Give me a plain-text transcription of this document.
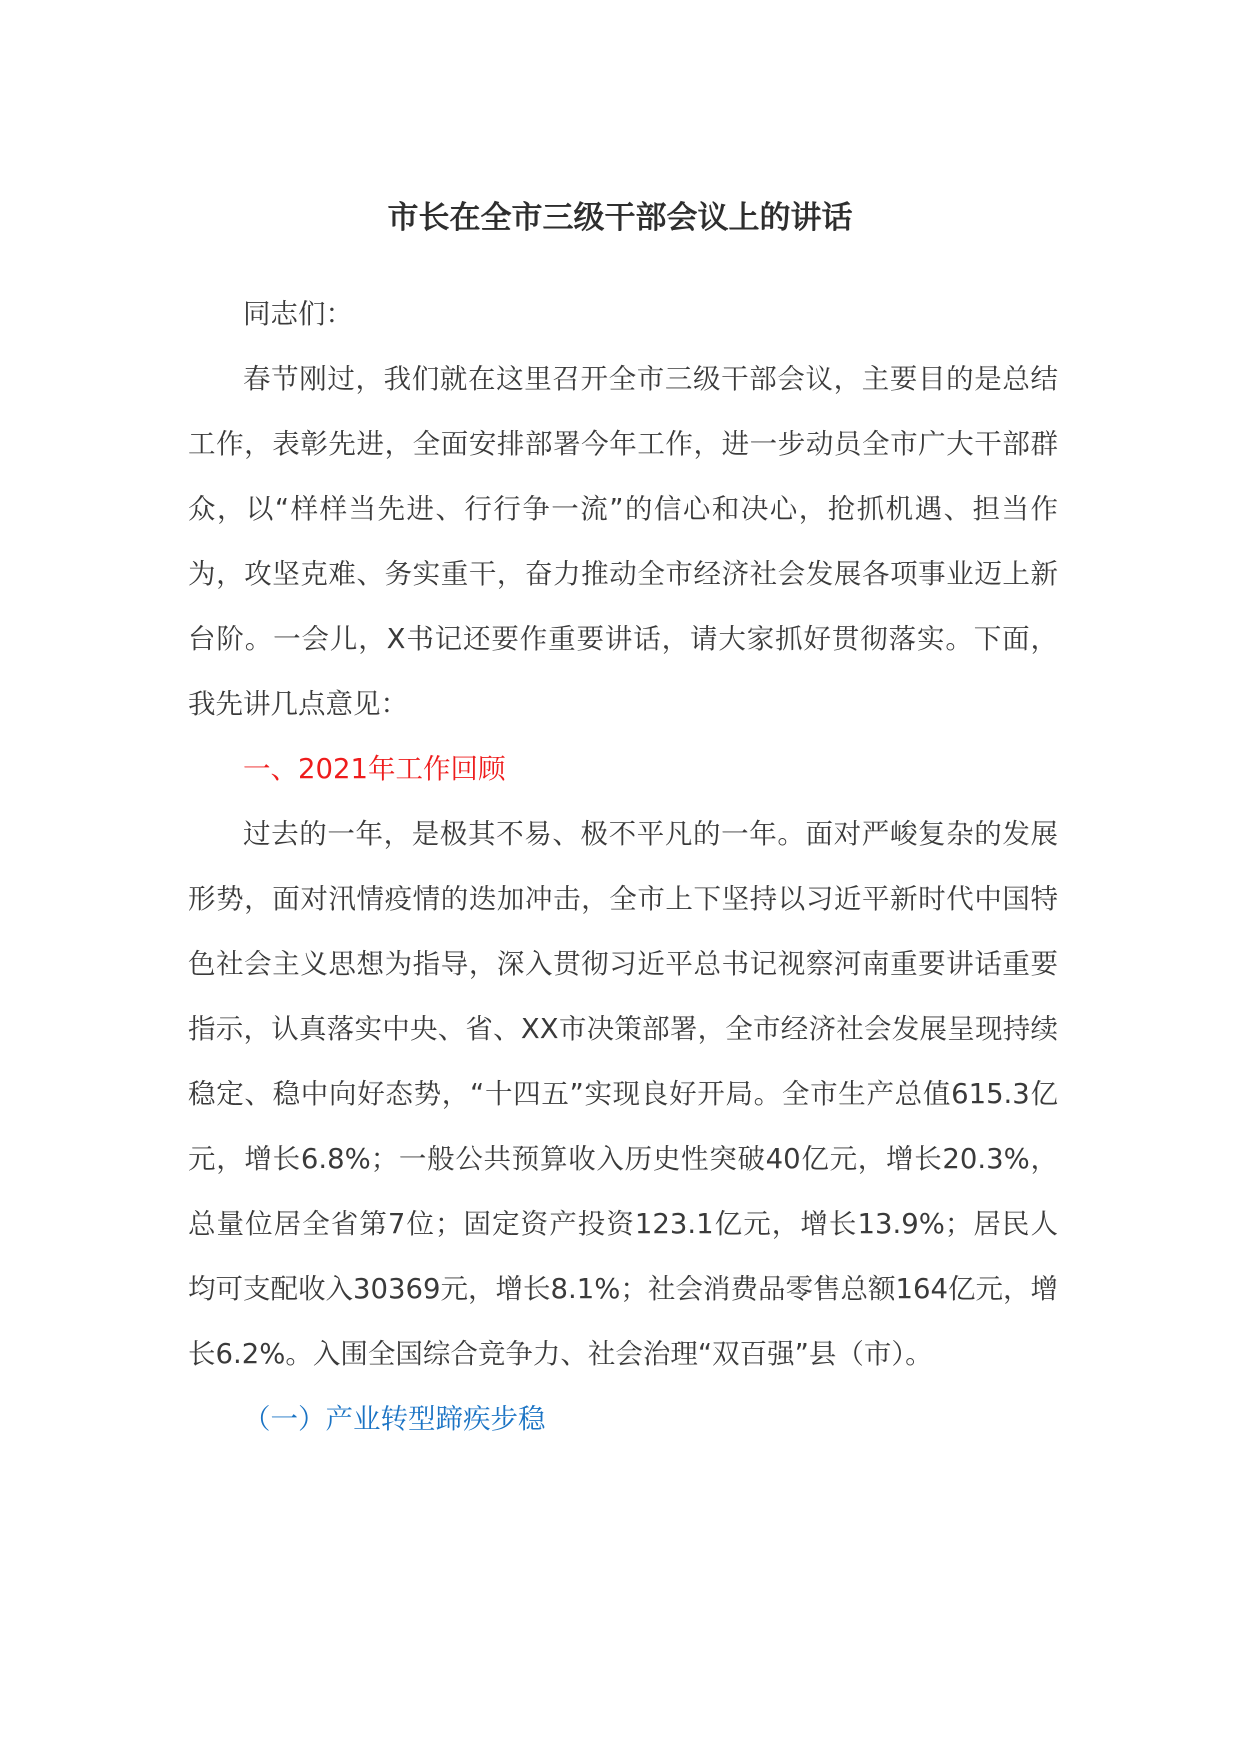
市长在全市三级干部会议上的讲话

同志们：

春节刚过，我们就在这里召开全市三级干部会议，主要目的是总结工作，表彰先进，全面安排部署今年工作，进一步动员全市广大干部群众，以“样样当先进、行行争一流”的信心和决心，抢抓机遇、担当作为，攻坚克难、务实重干，奋力推动全市经济社会发展各项事业迈上新台阶。一会儿，X书记还要作重要讲话，请大家抓好贯彻落实。下面，我先讲几点意见：

一、2021年工作回顾

过去的一年，是极其不易、极不平凡的一年。面对严峻复杂的发展形势，面对汛情疫情的迭加冲击，全市上下坚持以习近平新时代中国特色社会主义思想为指导，深入贯彻习近平总书记视察河南重要讲话重要指示，认真落实中央、省、XX市决策部署，全市经济社会发展呈现持续稳定、稳中向好态势，“十四五”实现良好开局。全市生产总值615.3亿元，增长6.8%；一般公共预算收入历史性突破40亿元，增长20.3%，总量位居全省第7位；固定资产投资123.1亿元，增长13.9%；居民人均可支配收入30369元，增长8.1%；社会消费品零售总额164亿元，增长6.2%。入围全国综合竞争力、社会治理“双百强”县（市）。

（一）产业转型蹄疾步稳
